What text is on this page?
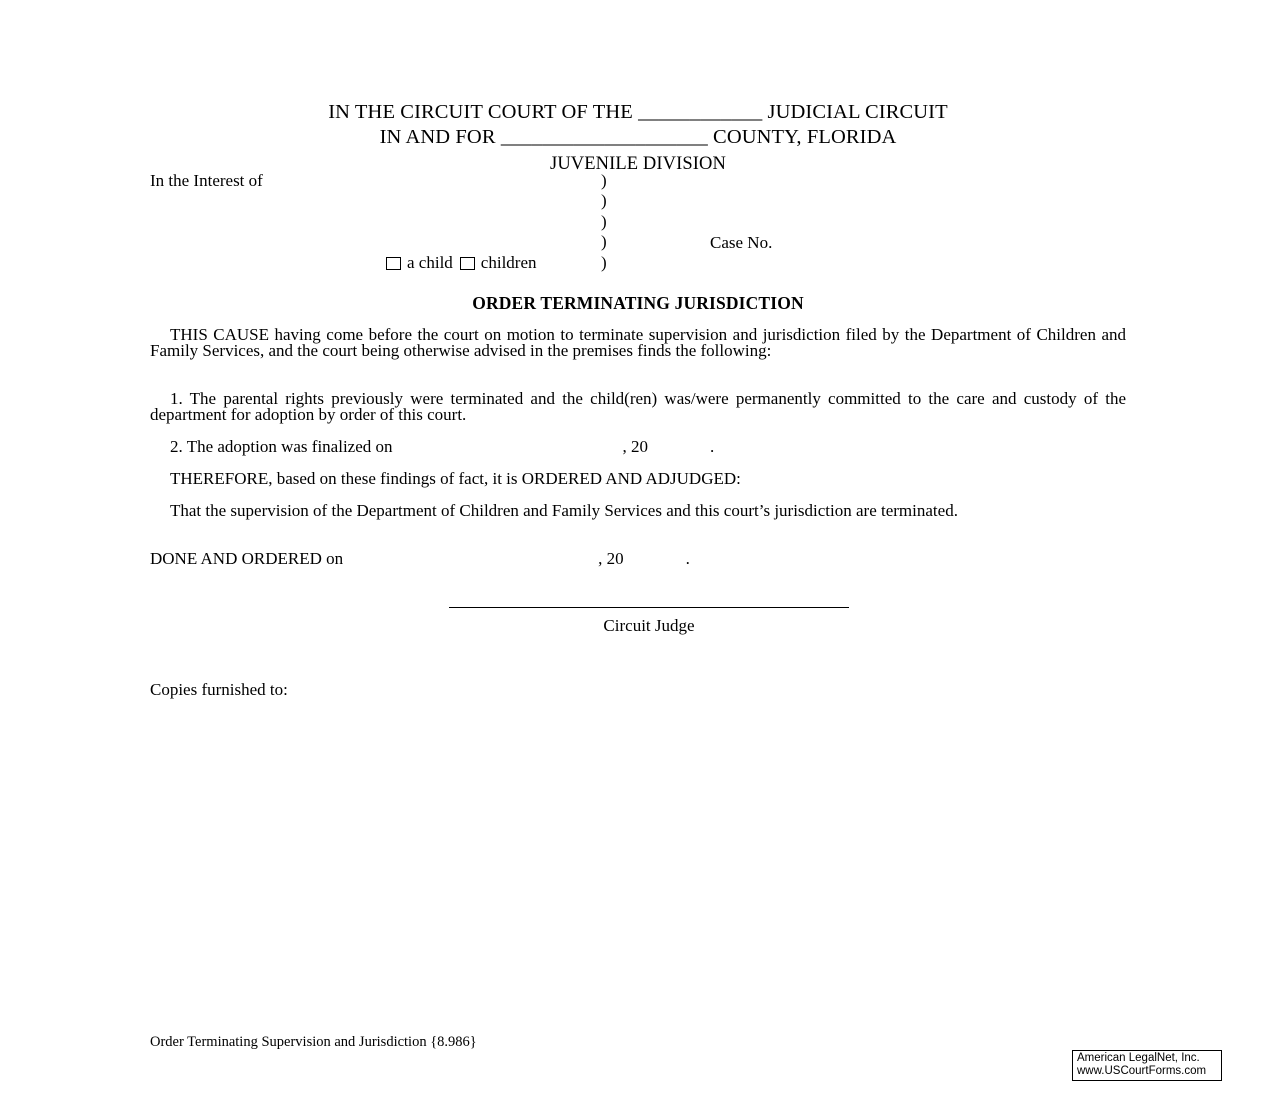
IN THE CIRCUIT COURT OF THE ____________ JUDICIAL CIRCUIT
IN AND FOR ____________________ COUNTY, FLORIDA
JUVENILE DIVISION
In the Interest of	)
)
)
)
)
Case No.
a child	children
ORDER TERMINATING JURISDICTION
THIS CAUSE having come before the court on motion to terminate supervision and jurisdiction filed by the Department of Children and Family Services, and the court being otherwise advised in the premises finds the following:
1. The parental rights previously were terminated and the child(ren) was/were permanently committed to the care and custody of the department for adoption by order of this court.
2. The adoption was finalized on	, 20	.
THEREFORE, based on these findings of fact, it is ORDERED AND ADJUDGED:
That the supervision of the Department of Children and Family Services and this court’s jurisdiction are terminated.
DONE AND ORDERED on	, 20	.
Circuit Judge
Copies furnished to:
Order Terminating Supervision and Jurisdiction {8.986}
American LegalNet, Inc.
www.USCourtForms.com
